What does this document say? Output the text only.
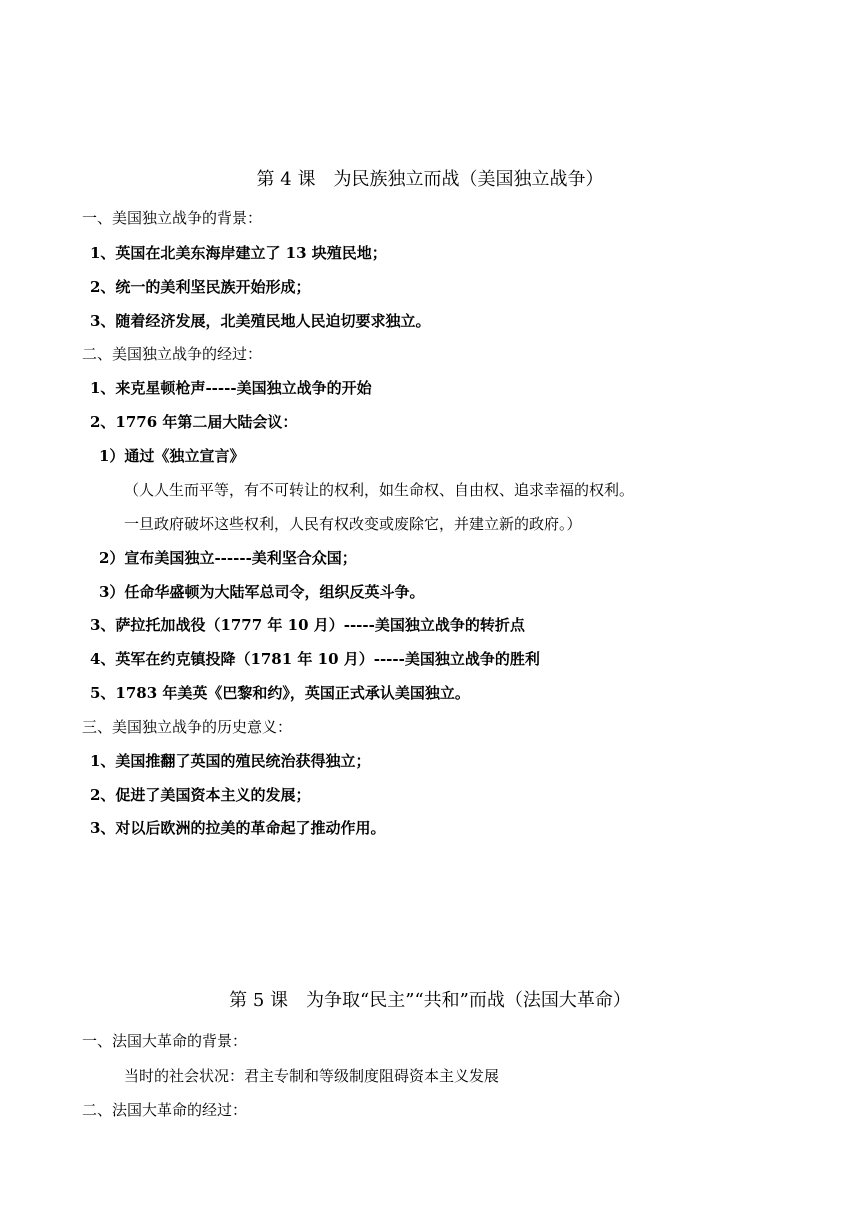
第 4 课　为民族独立而战（美国独立战争）
一、美国独立战争的背景：
1、英国在北美东海岸建立了 13 块殖民地；
2、统一的美利坚民族开始形成；
3、随着经济发展，北美殖民地人民迫切要求独立。
二、美国独立战争的经过：
1、来克星顿枪声-----美国独立战争的开始
2、1776 年第二届大陆会议：
1）通过《独立宣言》
（人人生而平等，有不可转让的权利，如生命权、自由权、追求幸福的权利。
一旦政府破坏这些权利，人民有权改变或废除它，并建立新的政府。）
2）宣布美国独立------美利坚合众国；
3）任命华盛顿为大陆军总司令，组织反英斗争。
3、萨拉托加战役（1777 年 10 月）-----美国独立战争的转折点
4、英军在约克镇投降（1781 年 10 月）-----美国独立战争的胜利
5、1783 年美英《巴黎和约》，英国正式承认美国独立。
三、美国独立战争的历史意义：
1、美国推翻了英国的殖民统治获得独立；
2、促进了美国资本主义的发展；
3、对以后欧洲的拉美的革命起了推动作用。
第 5 课　为争取“民主”“共和”而战（法国大革命）
一、法国大革命的背景：
当时的社会状况：君主专制和等级制度阻碍资本主义发展
二、法国大革命的经过：
